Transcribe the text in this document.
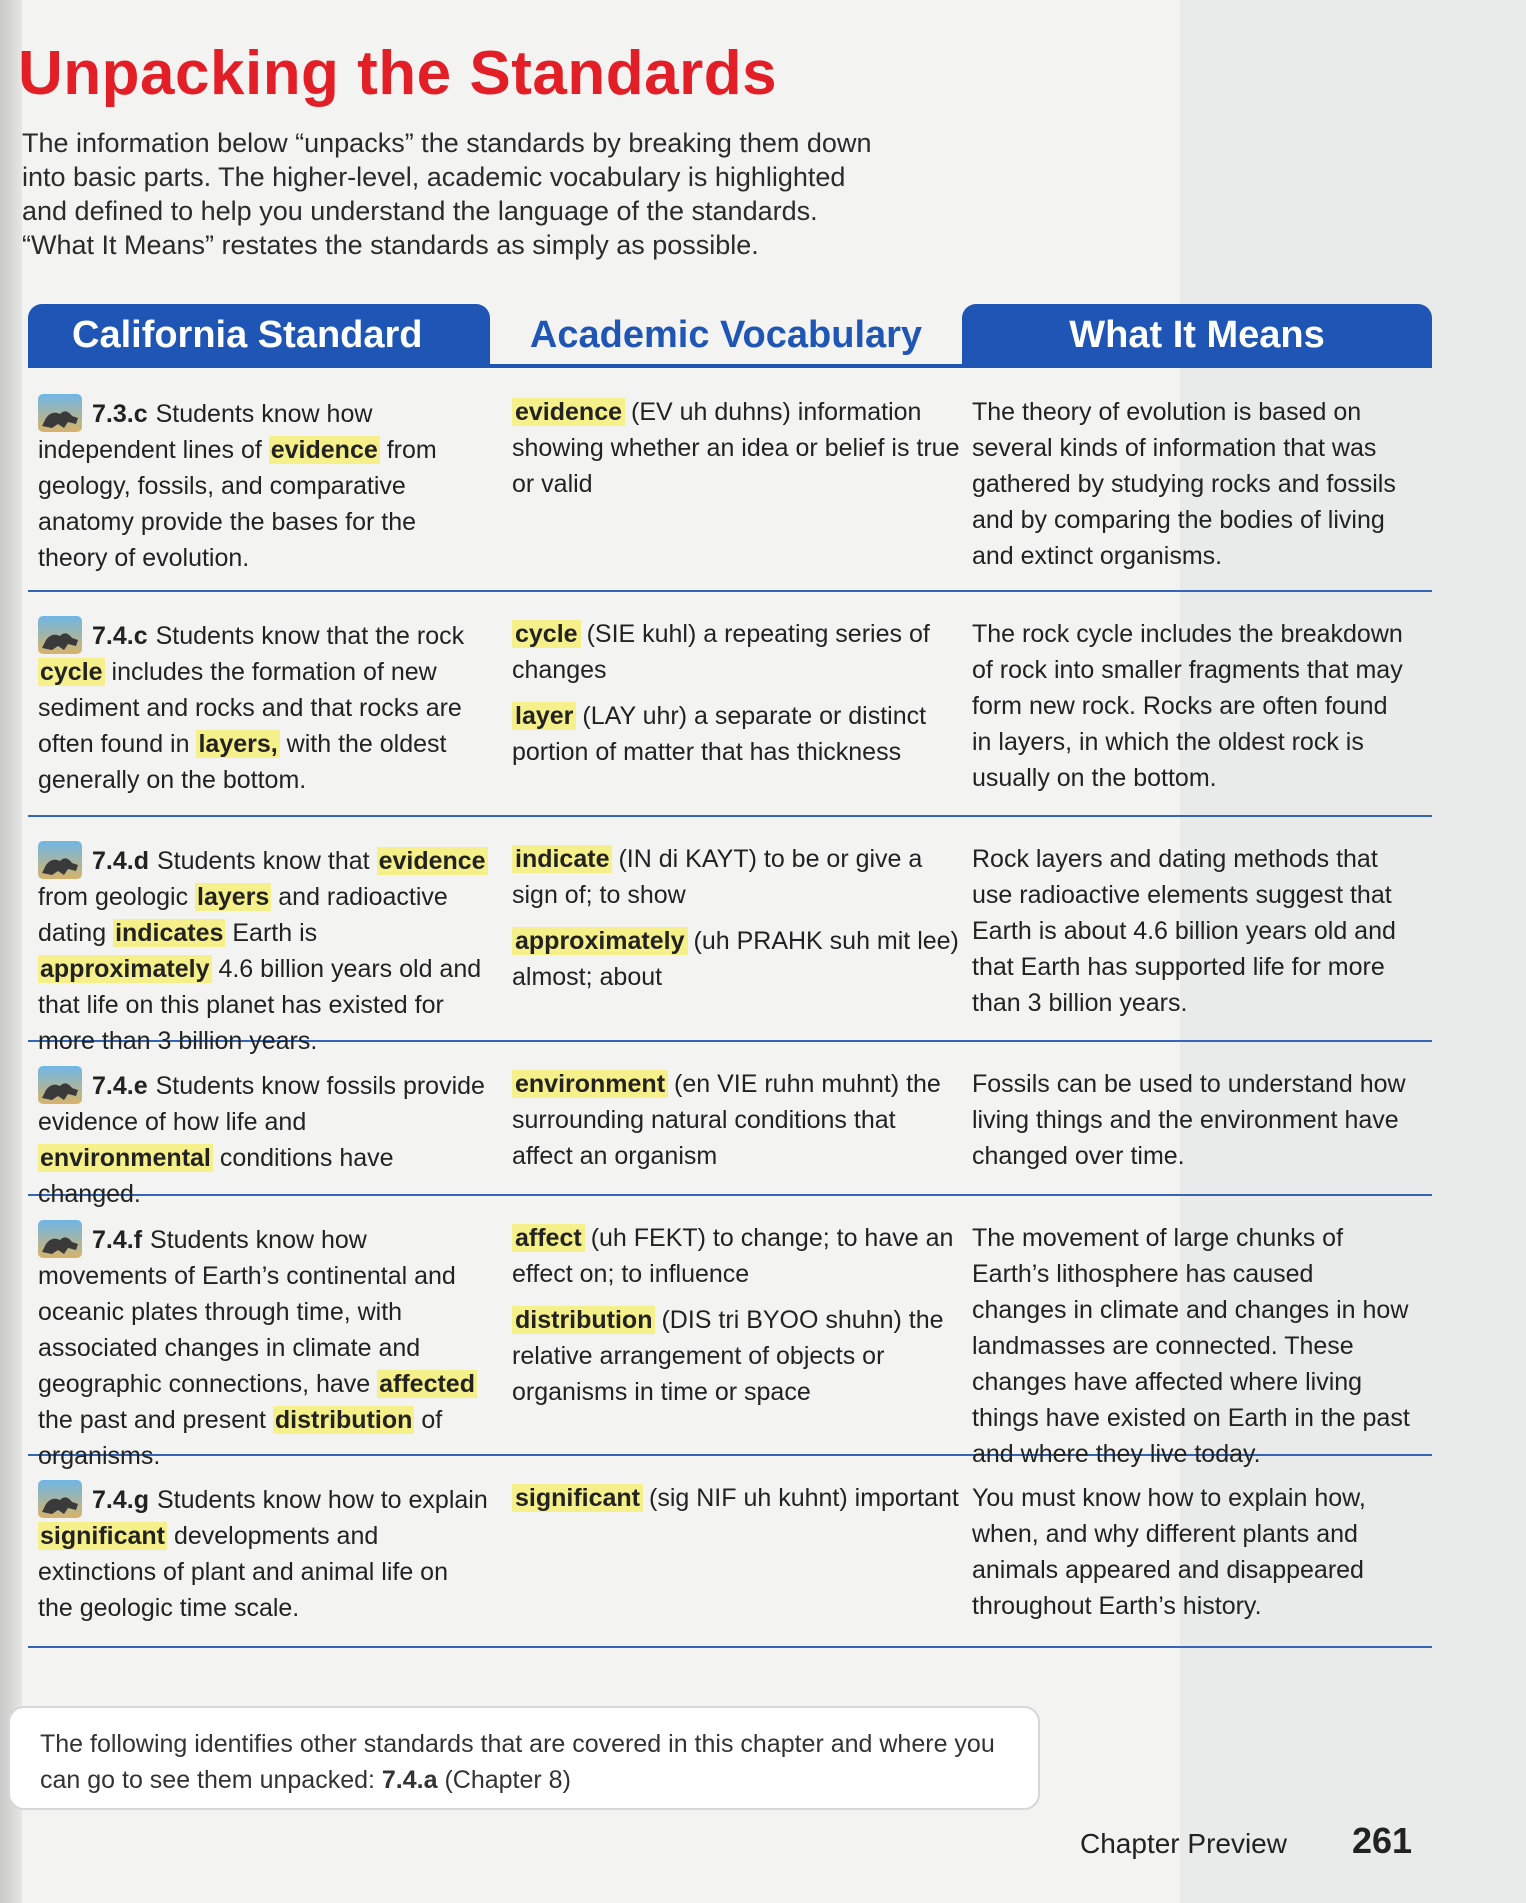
Unpacking the Standards

The information below “unpacks” the standards by breaking them down

into basic parts. The higher-level, academic vocabulary is highlighted

and defined to help you understand the language of the standards.

“What It Means” restates the standards as simply as possible.

California Standard	Academic Vocabulary	What It Means
7.3.c Students know how independent lines of evidence from geology, fossils, and comparative anatomy provide the bases for the theory of evolution.

evidence (EV uh duhns) information showing whether an idea or belief is true or valid

The theory of evolution is based on several kinds of information that was gathered by studying rocks and fossils and by comparing the bodies of living and extinct organisms.
7.4.c Students know that the rock cycle includes the formation of new sediment and rocks and that rocks are often found in layers, with the oldest generally on the bottom.

cycle (SIE kuhl) a repeating series of changes

layer (LAY uhr) a separate or distinct portion of matter that has thickness

The rock cycle includes the breakdown of rock into smaller fragments that may form new rock. Rocks are often found in layers, in which the oldest rock is usually on the bottom.
7.4.d Students know that evidence from geologic layers and radioactive dating indicates Earth is approximately 4.6 billion years old and that life on this planet has existed for more than 3 billion years.

indicate (IN di KAYT) to be or give a sign of; to show

approximately (uh PRAHK suh mit lee) almost; about

Rock layers and dating methods that use radioactive elements suggest that Earth is about 4.6 billion years old and that Earth has supported life for more than 3 billion years.
7.4.e Students know fossils provide evidence of how life and environmental conditions have changed.

environment (en VIE ruhn muhnt) the surrounding natural conditions that affect an organism

Fossils can be used to understand how living things and the environment have changed over time.
7.4.f Students know how movements of Earth’s continental and oceanic plates through time, with associated changes in climate and geographic connections, have affected the past and present distribution of organisms.

affect (uh FEKT) to change; to have an effect on; to influence

distribution (DIS tri BYOO shuhn) the relative arrangement of objects or organisms in time or space

The movement of large chunks of Earth’s lithosphere has caused changes in climate and changes in how landmasses are connected. These changes have affected where living things have existed on Earth in the past and where they live today.
7.4.g Students know how to explain significant developments and extinctions of plant and animal life on the geologic time scale.

significant (sig NIF uh kuhnt) important You must know how to explain how, when, and why different plants and animals appeared and disappeared throughout Earth’s history.
The following identifies other standards that are covered in this chapter and where you can go to see them unpacked: 7.4.a (Chapter 8)
Chapter Preview 261
